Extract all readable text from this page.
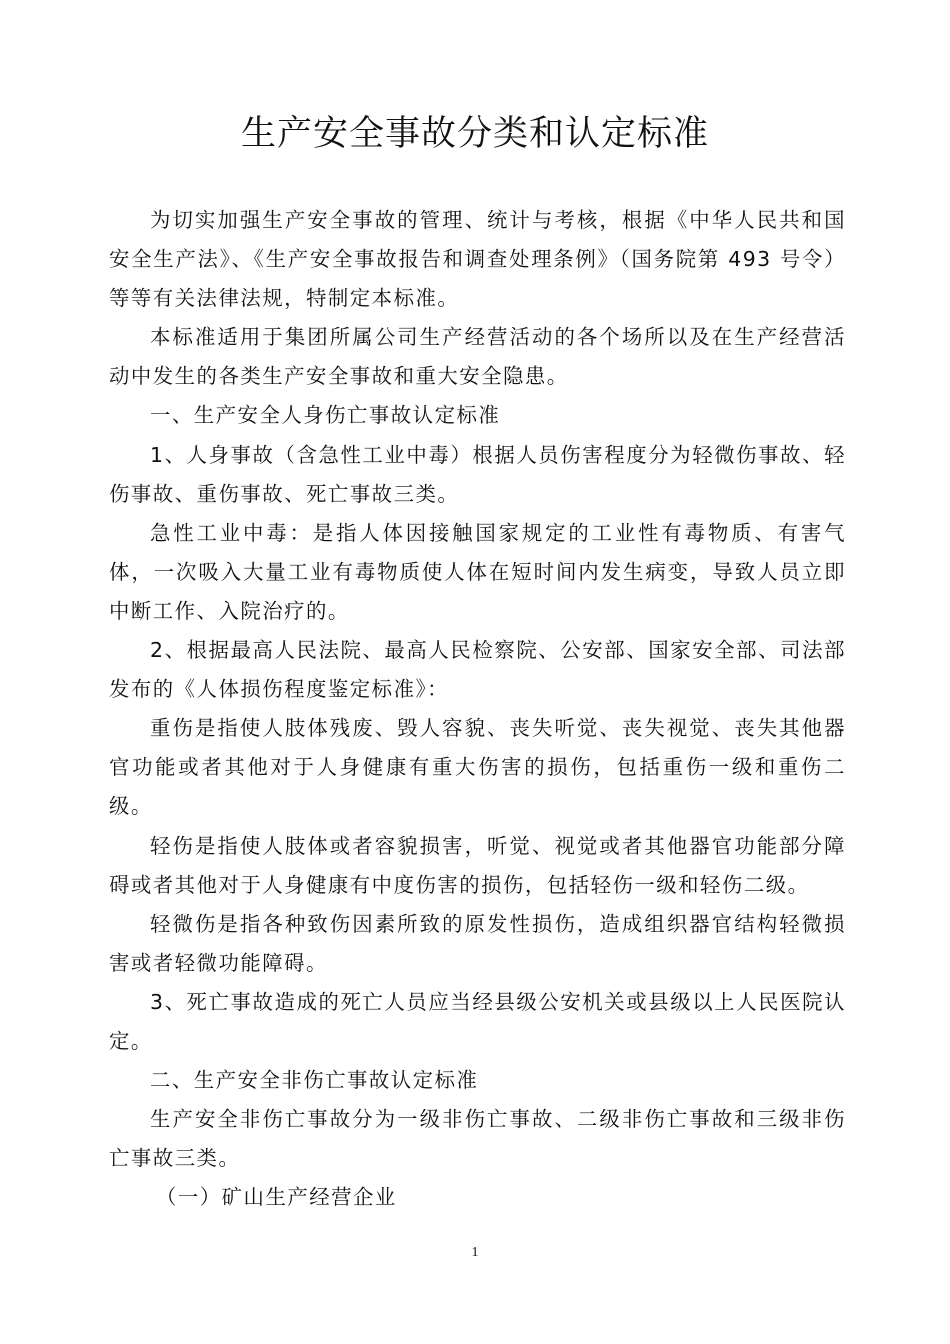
生产安全事故分类和认定标准

为切实加强生产安全事故的管理、统计与考核，根据《中华人民共和国安全生产法》、《生产安全事故报告和调查处理条例》（国务院第 493 号令）等等有关法律法规，特制定本标准。

本标准适用于集团所属公司生产经营活动的各个场所以及在生产经营活动中发生的各类生产安全事故和重大安全隐患。

一、生产安全人身伤亡事故认定标准

1、人身事故（含急性工业中毒）根据人员伤害程度分为轻微伤事故、轻伤事故、重伤事故、死亡事故三类。

急性工业中毒：是指人体因接触国家规定的工业性有毒物质、有害气体，一次吸入大量工业有毒物质使人体在短时间内发生病变，导致人员立即中断工作、入院治疗的。

2、根据最高人民法院、最高人民检察院、公安部、国家安全部、司法部发布的《人体损伤程度鉴定标准》：

重伤是指使人肢体残废、毁人容貌、丧失听觉、丧失视觉、丧失其他器官功能或者其他对于人身健康有重大伤害的损伤，包括重伤一级和重伤二级。

轻伤是指使人肢体或者容貌损害，听觉、视觉或者其他器官功能部分障碍或者其他对于人身健康有中度伤害的损伤，包括轻伤一级和轻伤二级。

轻微伤是指各种致伤因素所致的原发性损伤，造成组织器官结构轻微损害或者轻微功能障碍。

3、死亡事故造成的死亡人员应当经县级公安机关或县级以上人民医院认定。

二、生产安全非伤亡事故认定标准

生产安全非伤亡事故分为一级非伤亡事故、二级非伤亡事故和三级非伤亡事故三类。

（一）矿山生产经营企业

1
